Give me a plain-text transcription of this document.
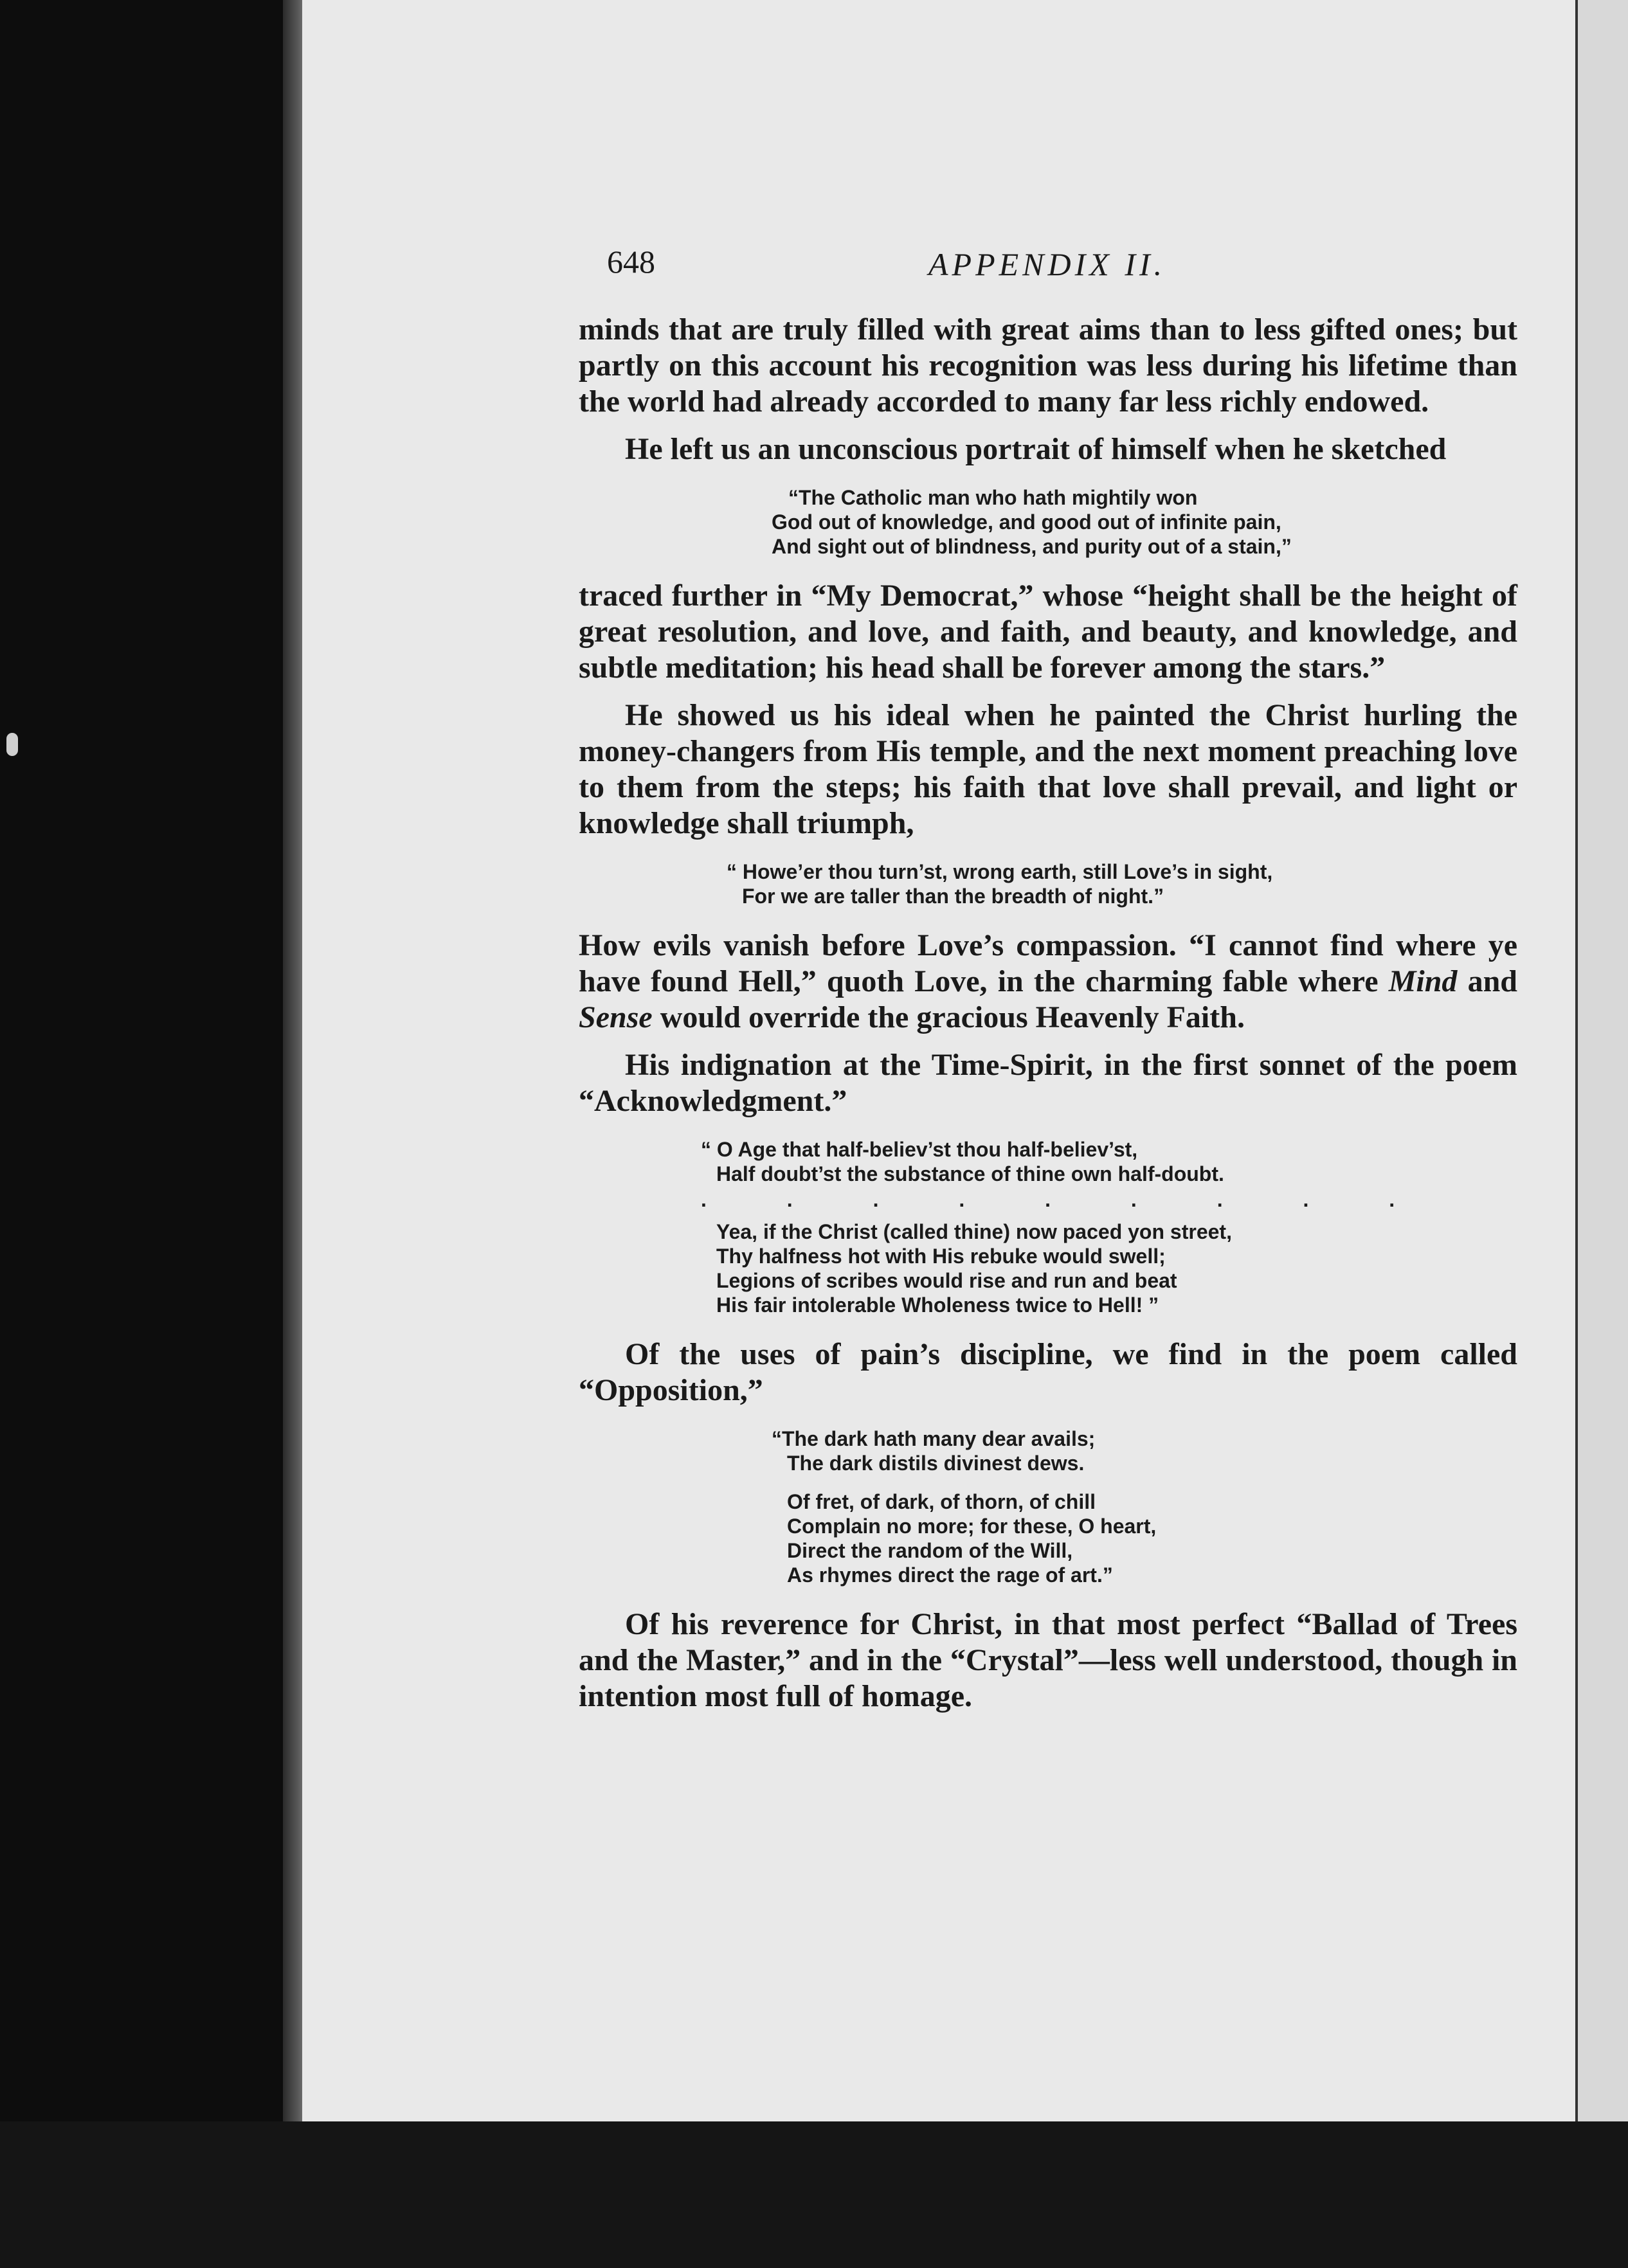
648	APPENDIX II.

minds that are truly filled with great aims than to less gifted ones; but partly on this account his recognition was less during his lifetime than the world had already accorded to many far less richly endowed.

He left us an unconscious portrait of himself when he sketched

“The Catholic man who hath mightily won
God out of knowledge, and good out of infinite pain,
And sight out of blindness, and purity out of a stain,”

traced further in “My Democrat,” whose “height shall be the height of great resolution, and love, and faith, and beauty, and knowledge, and subtle meditation; his head shall be forever among the stars.”

He showed us his ideal when he painted the Christ hurling the money-changers from His temple, and the next moment preaching love to them from the steps; his faith that love shall prevail, and light or knowledge shall triumph,

“ Howe’er thou turn’st, wrong earth, still Love’s in sight,
For we are taller than the breadth of night.”

How evils vanish before Love’s compassion. “I cannot find where ye have found Hell,” quoth Love, in the charming fable where Mind and Sense would override the gracious Heavenly Faith.

His indignation at the Time-Spirit, in the first sonnet of the poem “Acknowledgment.”

“ O Age that half-believ’st thou half-believ’st,
Half doubt’st the substance of thine own half-doubt.
. . . . . . . . .
Yea, if the Christ (called thine) now paced yon street,
Thy halfness hot with His rebuke would swell;
Legions of scribes would rise and run and beat
His fair intolerable Wholeness twice to Hell! ”

Of the uses of pain’s discipline, we find in the poem called “Opposition,”

“The dark hath many dear avails;
The dark distils divinest dews.
Of fret, of dark, of thorn, of chill
Complain no more; for these, O heart,
Direct the random of the Will,
As rhymes direct the rage of art.”

Of his reverence for Christ, in that most perfect “Ballad of Trees and the Master,” and in the “Crystal”—less well understood, though in intention most full of homage.
